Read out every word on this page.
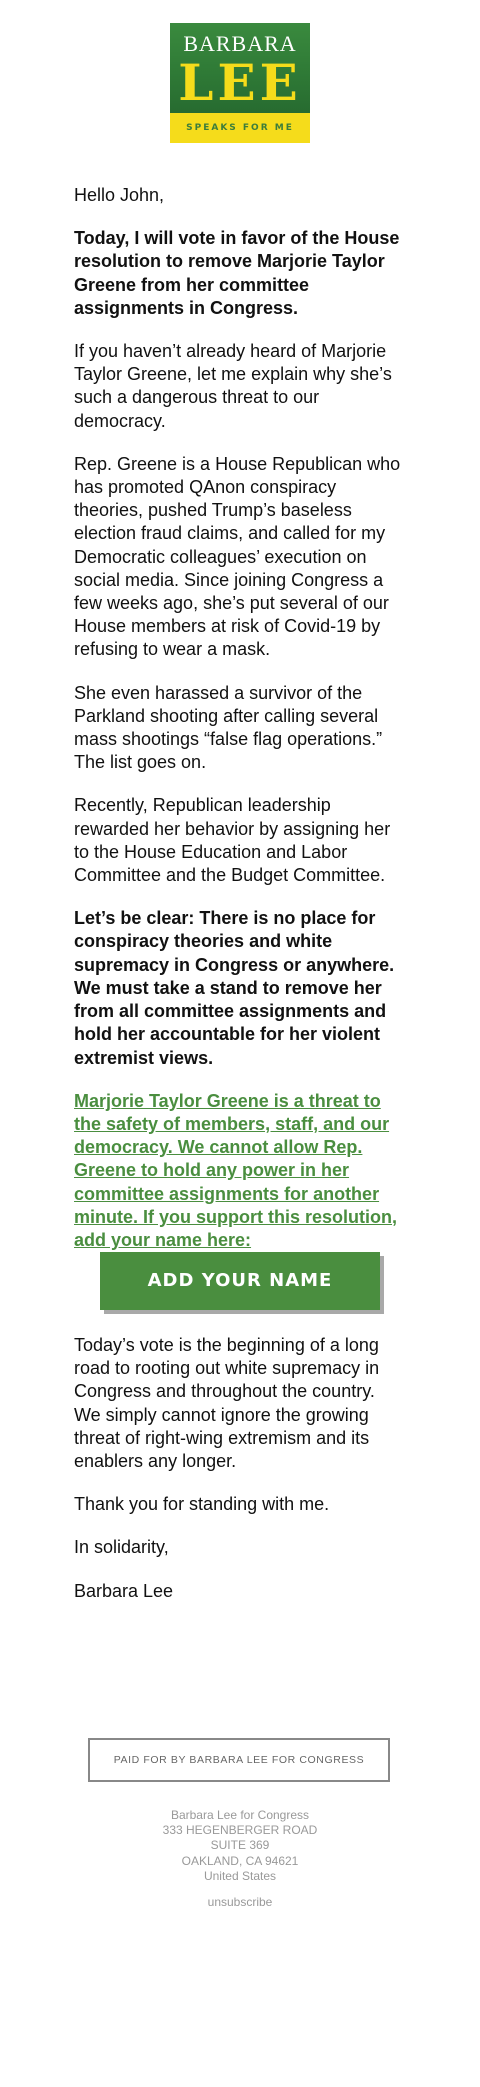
BARBARA
LEE
SPEAKS FOR ME

Hello John,

Today, I will vote in favor of the House resolution to remove Marjorie Taylor Greene from her committee assignments in Congress.

If you haven’t already heard of Marjorie Taylor Greene, let me explain why she’s such a dangerous threat to our democracy.

Rep. Greene is a House Republican who has promoted QAnon conspiracy theories, pushed Trump’s baseless election fraud claims, and called for my Democratic colleagues’ execution on social media. Since joining Congress a few weeks ago, she’s put several of our House members at risk of Covid-19 by refusing to wear a mask.

She even harassed a survivor of the Parkland shooting after calling several mass shootings “false flag operations.” The list goes on.

Recently, Republican leadership rewarded her behavior by assigning her to the House Education and Labor Committee and the Budget Committee.

Let’s be clear: There is no place for conspiracy theories and white supremacy in Congress or anywhere. We must take a stand to remove her from all committee assignments and hold her accountable for her violent extremist views.

Marjorie Taylor Greene is a threat to the safety of members, staff, and our democracy. We cannot allow Rep. Greene to hold any power in her committee assignments for another minute. If you support this resolution, add your name here:

ADD YOUR NAME

Today’s vote is the beginning of a long road to rooting out white supremacy in Congress and throughout the country. We simply cannot ignore the growing threat of right-wing extremism and its enablers any longer.

Thank you for standing with me.

In solidarity,

Barbara Lee

PAID FOR BY BARBARA LEE FOR CONGRESS
Barbara Lee for Congress
333 HEGENBERGER ROAD
SUITE 369
OAKLAND, CA 94621
United States
unsubscribe
